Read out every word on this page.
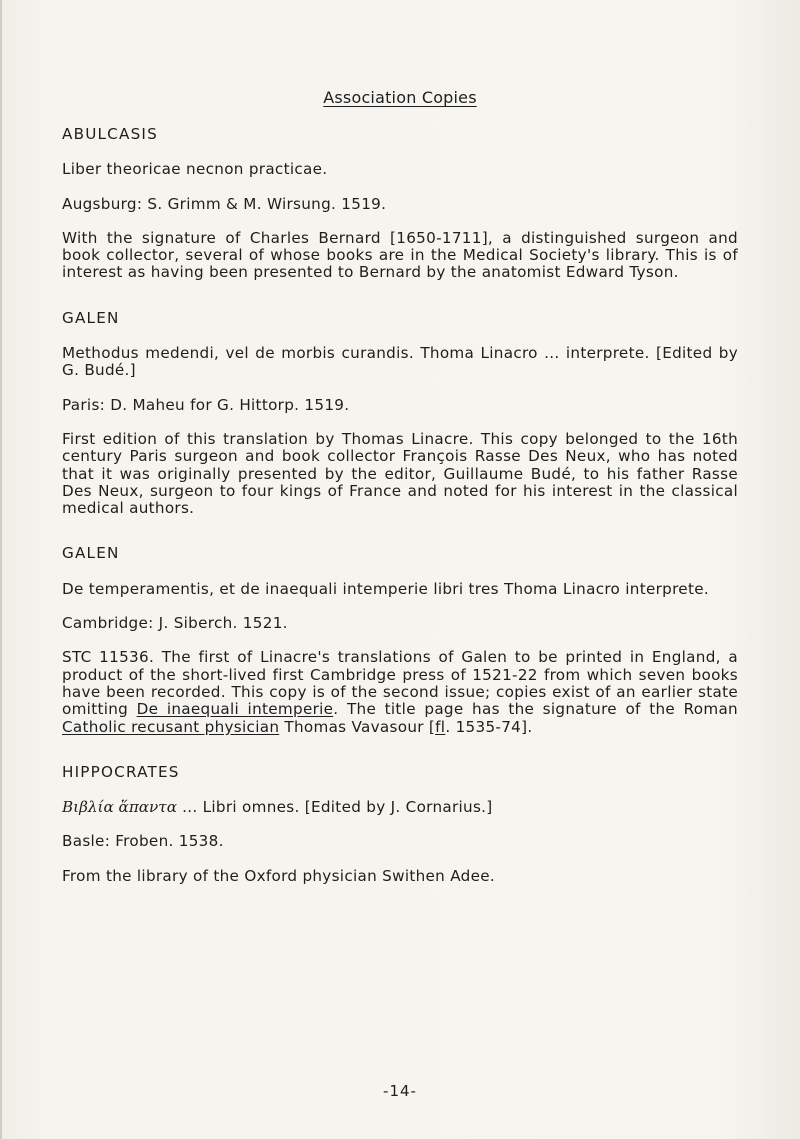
Association Copies
ABULCASIS
Liber theoricae necnon practicae.
Augsburg: S. Grimm & M. Wirsung. 1519.
With the signature of Charles Bernard [1650-1711], a distinguished surgeon and book collector, several of whose books are in the Medical Society's library. This is of interest as having been presented to Bernard by the anatomist Edward Tyson.
GALEN
Methodus medendi, vel de morbis curandis. Thoma Linacro ... interprete. [Edited by G. Budé.]
Paris: D. Maheu for G. Hittorp. 1519.
First edition of this translation by Thomas Linacre. This copy belonged to the 16th century Paris surgeon and book collector François Rasse Des Neux, who has noted that it was originally presented by the editor, Guillaume Budé, to his father Rasse Des Neux, surgeon to four kings of France and noted for his interest in the classical medical authors.
GALEN
De temperamentis, et de inaequali intemperie libri tres Thoma Linacro interprete.
Cambridge: J. Siberch. 1521.
STC 11536. The first of Linacre's translations of Galen to be printed in England, a product of the short-lived first Cambridge press of 1521-22 from which seven books have been recorded. This copy is of the second issue; copies exist of an earlier state omitting De inaequali intemperie. The title page has the signature of the Roman Catholic recusant physician Thomas Vavasour [fl. 1535-74].
HIPPOCRATES
Βιβλία ἅπαντα ... Libri omnes. [Edited by J. Cornarius.]
Basle: Froben. 1538.
From the library of the Oxford physician Swithen Adee.
-14-
